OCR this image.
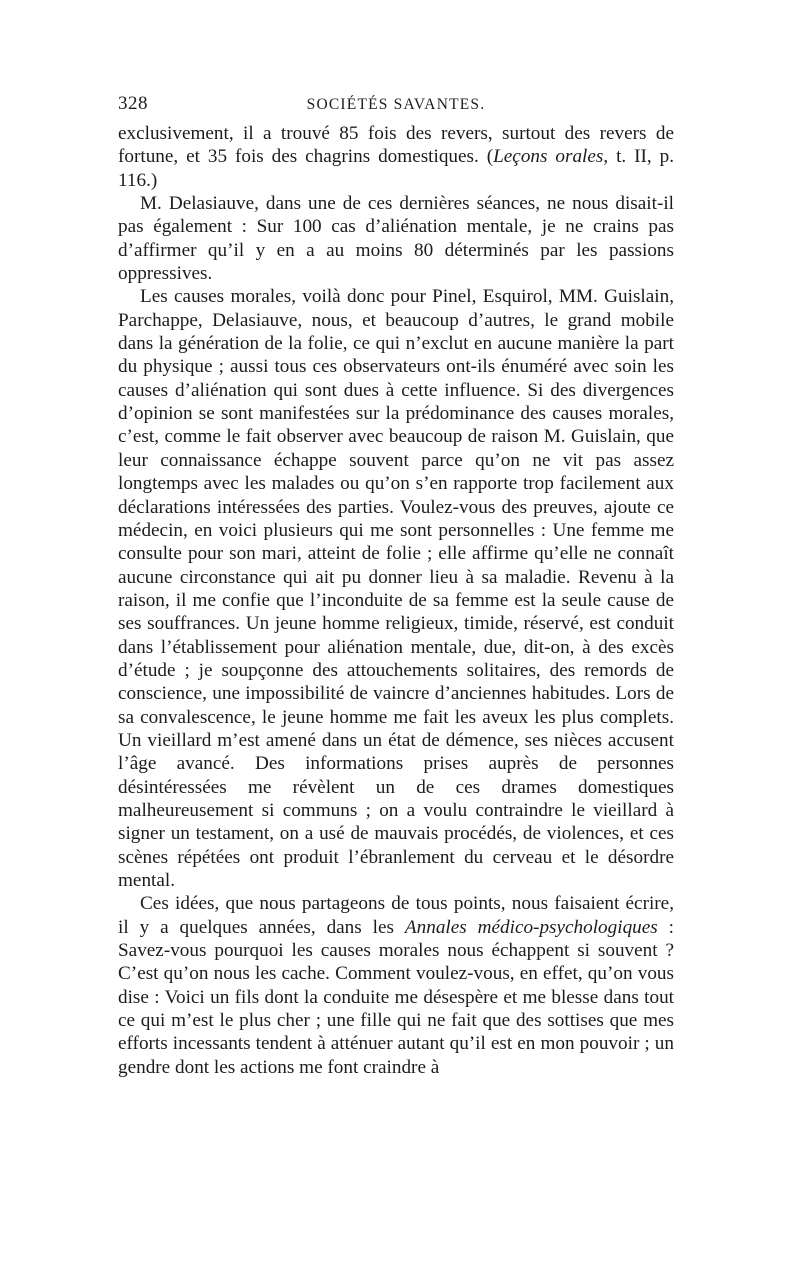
328	SOCIÉTÉS SAVANTES.

exclusivement, il a trouvé 85 fois des revers, surtout des revers de fortune, et 35 fois des chagrins domestiques. (Leçons orales, t. II, p. 116.)

M. Delasiauve, dans une de ces dernières séances, ne nous disait-il pas également : Sur 100 cas d’aliénation mentale, je ne crains pas d’affirmer qu’il y en a au moins 80 déterminés par les passions oppressives.

Les causes morales, voilà donc pour Pinel, Esquirol, MM. Guislain, Parchappe, Delasiauve, nous, et beaucoup d’autres, le grand mobile dans la génération de la folie, ce qui n’exclut en aucune manière la part du physique ; aussi tous ces observateurs ont-ils énuméré avec soin les causes d’aliénation qui sont dues à cette influence. Si des divergences d’opinion se sont manifestées sur la prédominance des causes morales, c’est, comme le fait observer avec beaucoup de raison M. Guislain, que leur connaissance échappe souvent parce qu’on ne vit pas assez longtemps avec les malades ou qu’on s’en rapporte trop facilement aux déclarations intéressées des parties. Voulez-vous des preuves, ajoute ce médecin, en voici plusieurs qui me sont personnelles : Une femme me consulte pour son mari, atteint de folie ; elle affirme qu’elle ne connaît aucune circonstance qui ait pu donner lieu à sa maladie. Revenu à la raison, il me confie que l’inconduite de sa femme est la seule cause de ses souffrances. Un jeune homme religieux, timide, réservé, est conduit dans l’établissement pour aliénation mentale, due, dit-on, à des excès d’étude ; je soupçonne des attouchements solitaires, des remords de conscience, une impossibilité de vaincre d’anciennes habitudes. Lors de sa convalescence, le jeune homme me fait les aveux les plus complets. Un vieillard m’est amené dans un état de démence, ses nièces accusent l’âge avancé. Des informations prises auprès de personnes désintéressées me révèlent un de ces drames domestiques malheureusement si communs ; on a voulu contraindre le vieillard à signer un testament, on a usé de mauvais procédés, de violences, et ces scènes répétées ont produit l’ébranlement du cerveau et le désordre mental.

Ces idées, que nous partageons de tous points, nous faisaient écrire, il y a quelques années, dans les Annales médico-psychologiques : Savez-vous pourquoi les causes morales nous échappent si souvent ? C’est qu’on nous les cache. Comment voulez-vous, en effet, qu’on vous dise : Voici un fils dont la conduite me désespère et me blesse dans tout ce qui m’est le plus cher ; une fille qui ne fait que des sottises que mes efforts incessants tendent à atténuer autant qu’il est en mon pouvoir ; un gendre dont les actions me font craindre à
